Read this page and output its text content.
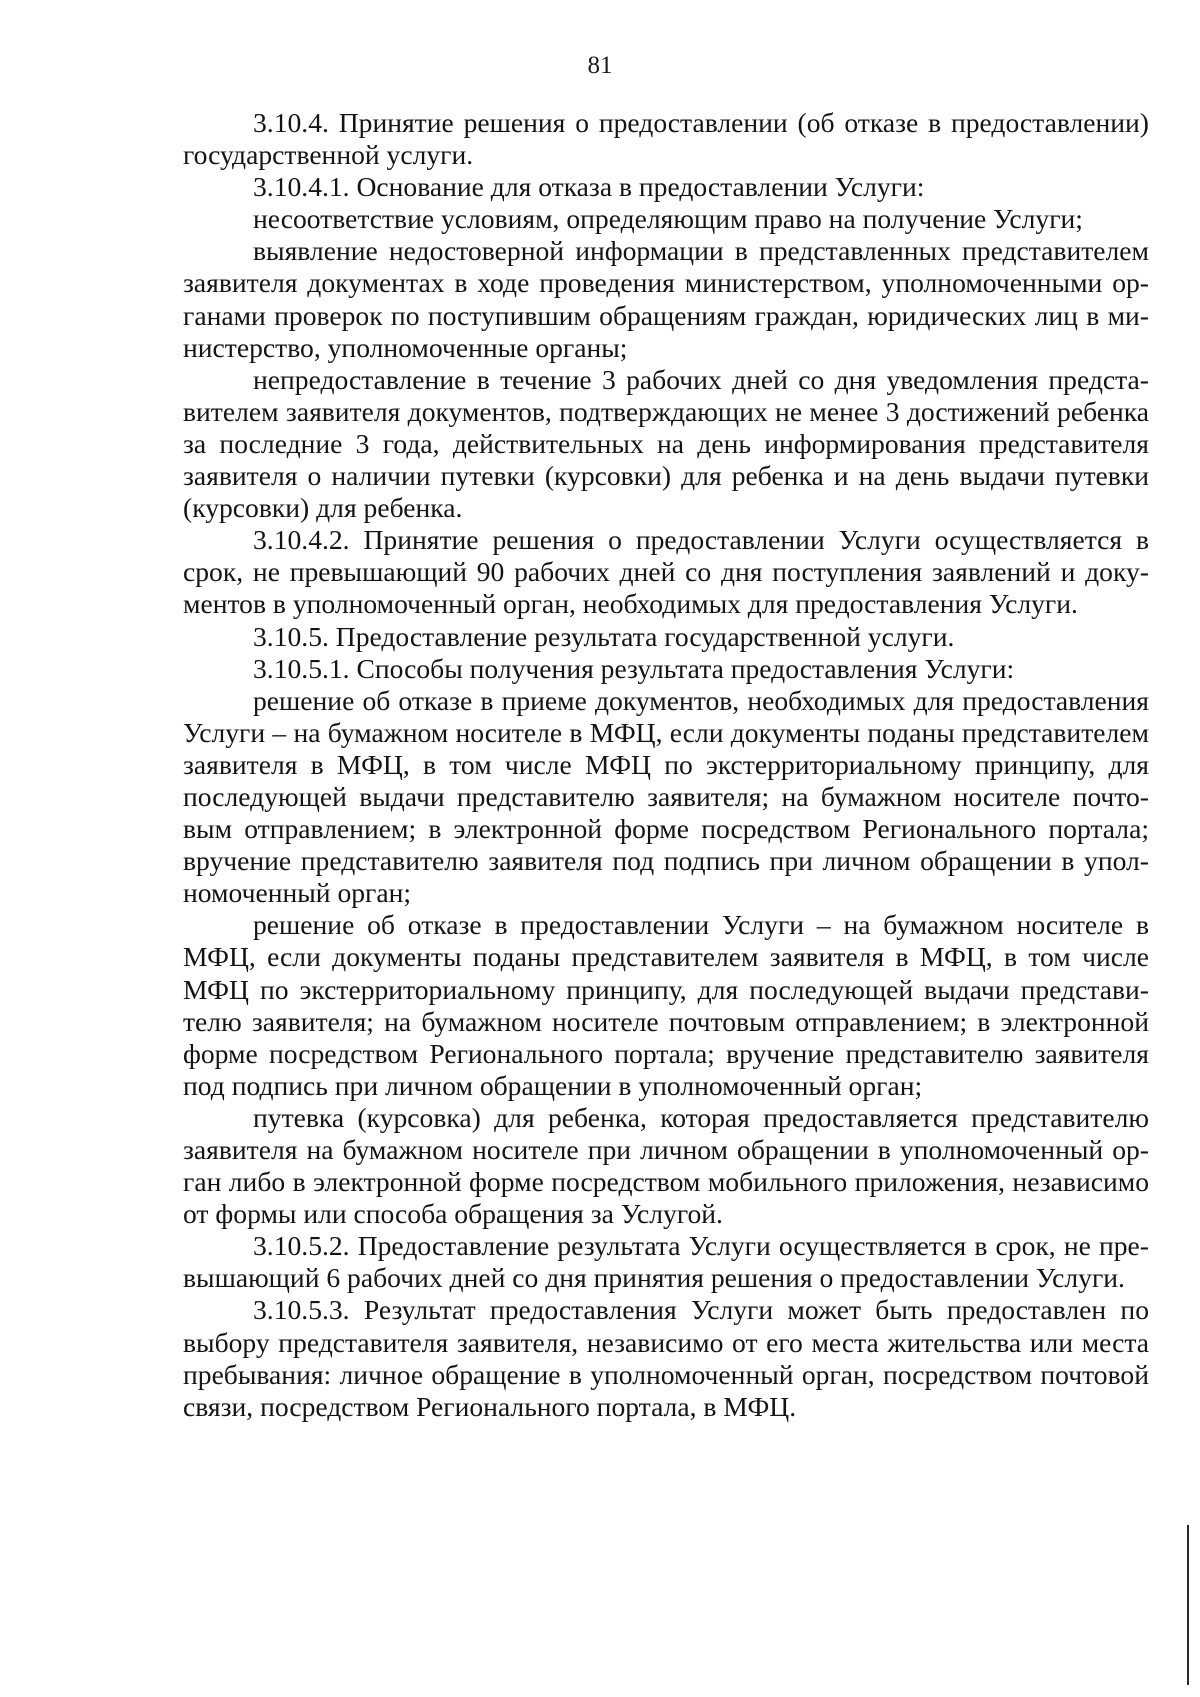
81

3.10.4. Принятие решения о предоставлении (об отказе в предоставлении) государственной услуги.

3.10.4.1. Основание для отказа в предоставлении Услуги:

несоответствие условиям, определяющим право на получение Услуги;

выявление недостоверной информации в представленных представителем заявителя документах в ходе проведения министерством, уполномоченными органами проверок по поступившим обращениям граждан, юридических лиц в министерство, уполномоченные органы;

непредоставление в течение 3 рабочих дней со дня уведомления представителем заявителя документов, подтверждающих не менее 3 достижений ребенка за последние 3 года, действительных на день информирования представителя заявителя о наличии путевки (курсовки) для ребенка и на день выдачи путевки (курсовки) для ребенка.

3.10.4.2. Принятие решения о предоставлении Услуги осуществляется в срок, не превышающий 90 рабочих дней со дня поступления заявлений и документов в уполномоченный орган, необходимых для предоставления Услуги.

3.10.5. Предоставление результата государственной услуги.

3.10.5.1. Способы получения результата предоставления Услуги:

решение об отказе в приеме документов, необходимых для предоставления Услуги – на бумажном носителе в МФЦ, если документы поданы представителем заявителя в МФЦ, в том числе МФЦ по экстерриториальному принципу, для последующей выдачи представителю заявителя; на бумажном носителе почтовым отправлением; в электронной форме посредством Регионального портала; вручение представителю заявителя под подпись при личном обращении в уполномоченный орган;

решение об отказе в предоставлении Услуги – на бумажном носителе в МФЦ, если документы поданы представителем заявителя в МФЦ, в том числе МФЦ по экстерриториальному принципу, для последующей выдачи представителю заявителя; на бумажном носителе почтовым отправлением; в электронной форме посредством Регионального портала; вручение представителю заявителя под подпись при личном обращении в уполномоченный орган;

путевка (курсовка) для ребенка, которая предоставляется представителю заявителя на бумажном носителе при личном обращении в уполномоченный орган либо в электронной форме посредством мобильного приложения, независимо от формы или способа обращения за Услугой.

3.10.5.2. Предоставление результата Услуги осуществляется в срок, не превышающий 6 рабочих дней со дня принятия решения о предоставлении Услуги.

3.10.5.3. Результат предоставления Услуги может быть предоставлен по выбору представителя заявителя, независимо от его места жительства или места пребывания: личное обращение в уполномоченный орган, посредством почтовой связи, посредством Регионального портала, в МФЦ.
